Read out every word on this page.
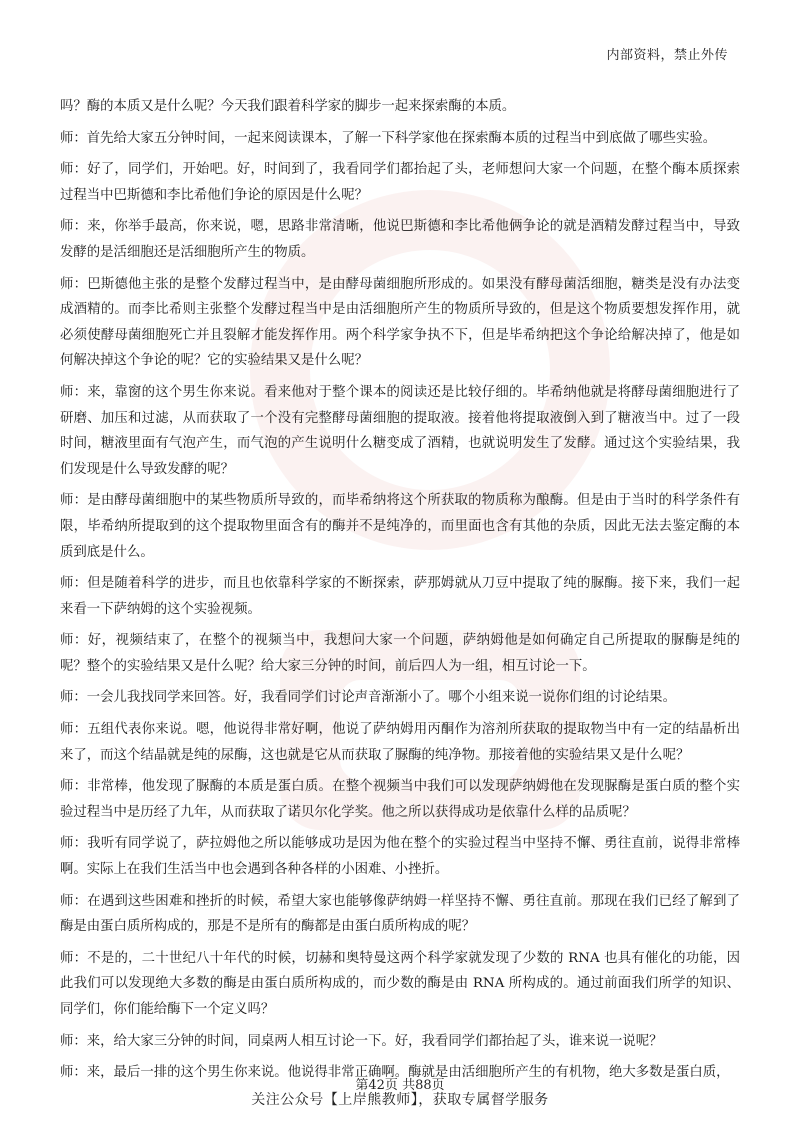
内部资料，禁止外传

吗？酶的本质又是什么呢？今天我们跟着科学家的脚步一起来探索酶的本质。

师：首先给大家五分钟时间，一起来阅读课本，了解一下科学家他在探索酶本质的过程当中到底做了哪些实验。

师：好了，同学们，开始吧。好，时间到了，我看同学们都抬起了头，老师想问大家一个问题，在整个酶本质探索过程当中巴斯德和李比希他们争论的原因是什么呢？

师：来，你举手最高，你来说，嗯，思路非常清晰，他说巴斯德和李比希他俩争论的就是酒精发酵过程当中，导致发酵的是活细胞还是活细胞所产生的物质。

师：巴斯德他主张的是整个发酵过程当中，是由酵母菌细胞所形成的。如果没有酵母菌活细胞，糖类是没有办法变成酒精的。而李比希则主张整个发酵过程当中是由活细胞所产生的物质所导致的，但是这个物质要想发挥作用，就必须使酵母菌细胞死亡并且裂解才能发挥作用。两个科学家争执不下，但是毕希纳把这个争论给解决掉了，他是如何解决掉这个争论的呢？它的实验结果又是什么呢？

师：来，靠窗的这个男生你来说。看来他对于整个课本的阅读还是比较仔细的。毕希纳他就是将酵母菌细胞进行了研磨、加压和过滤，从而获取了一个没有完整酵母菌细胞的提取液。接着他将提取液倒入到了糖液当中。过了一段时间，糖液里面有气泡产生，而气泡的产生说明什么糖变成了酒精，也就说明发生了发酵。通过这个实验结果，我们发现是什么导致发酵的呢？

师：是由酵母菌细胞中的某些物质所导致的，而毕希纳将这个所获取的物质称为酿酶。但是由于当时的科学条件有限，毕希纳所提取到的这个提取物里面含有的酶并不是纯净的，而里面也含有其他的杂质，因此无法去鉴定酶的本质到底是什么。

师：但是随着科学的进步，而且也依靠科学家的不断探索，萨那姆就从刀豆中提取了纯的脲酶。接下来，我们一起来看一下萨纳姆的这个实验视频。

师：好，视频结束了，在整个的视频当中，我想问大家一个问题，萨纳姆他是如何确定自己所提取的脲酶是纯的呢？整个的实验结果又是什么呢？给大家三分钟的时间，前后四人为一组，相互讨论一下。

师：一会儿我找同学来回答。好，我看同学们讨论声音渐渐小了。哪个小组来说一说你们组的讨论结果。

师：五组代表你来说。嗯，他说得非常好啊，他说了萨纳姆用丙酮作为溶剂所获取的提取物当中有一定的结晶析出来了，而这个结晶就是纯的尿酶，这也就是它从而获取了脲酶的纯净物。那接着他的实验结果又是什么呢？

师：非常棒，他发现了脲酶的本质是蛋白质。在整个视频当中我们可以发现萨纳姆他在发现脲酶是蛋白质的整个实验过程当中是历经了九年，从而获取了诺贝尔化学奖。他之所以获得成功是依靠什么样的品质呢？

师：我听有同学说了，萨拉姆他之所以能够成功是因为他在整个的实验过程当中坚持不懈、勇往直前，说得非常棒啊。实际上在我们生活当中也会遇到各种各样的小困难、小挫折。

师：在遇到这些困难和挫折的时候，希望大家也能够像萨纳姆一样坚持不懈、勇往直前。那现在我们已经了解到了酶是由蛋白质所构成的，那是不是所有的酶都是由蛋白质所构成的呢？

师：不是的，二十世纪八十年代的时候，切赫和奥特曼这两个科学家就发现了少数的 RNA 也具有催化的功能，因此我们可以发现绝大多数的酶是由蛋白质所构成的，而少数的酶是由 RNA 所构成的。通过前面我们所学的知识、同学们，你们能给酶下一个定义吗？

师：来，给大家三分钟的时间，同桌两人相互讨论一下。好，我看同学们都抬起了头，谁来说一说呢？

师：来，最后一排的这个男生你来说。他说得非常正确啊。酶就是由活细胞所产生的有机物，绝大多数是蛋白质，

第42页 共88页
关注公众号【上岸熊教师】，获取专属督学服务
